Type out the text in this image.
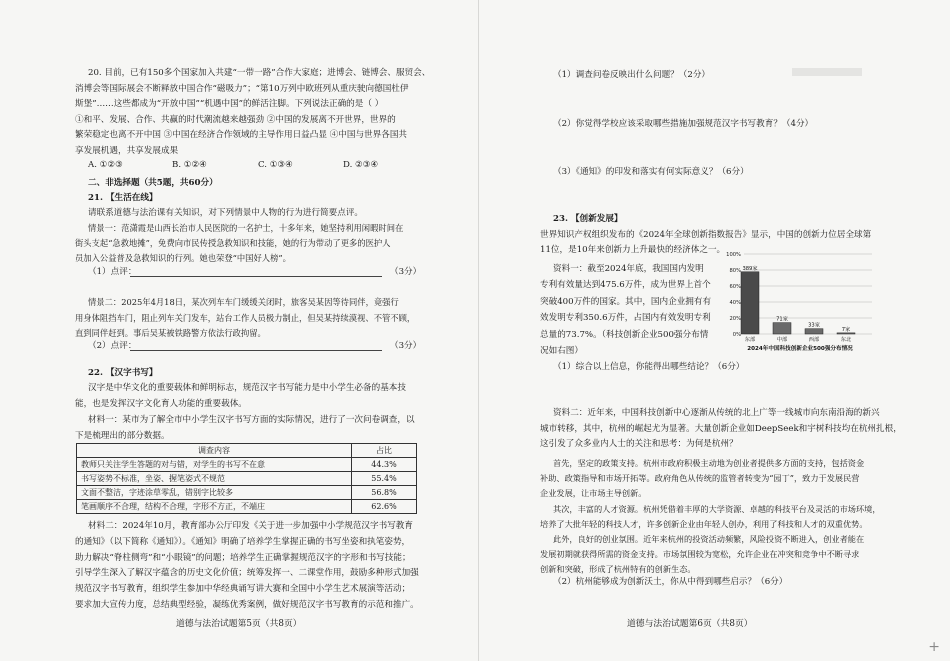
20. 目前，已有150多个国家加入共建“一带一路”合作大家庭；进博会、链博会、服贸会、
消博会等国际展会不断释放中国合作“磁吸力”；“第10万列中欧班列从重庆驶向德国杜伊
斯堡”……这些都成为“开放中国”“机遇中国”的鲜活注脚。下列说法正确的是（ ）
①和平、发展、合作、共赢的时代潮流越来越强劲 ②中国的发展离不开世界，世界的
繁荣稳定也离不开中国 ③中国在经济合作领域的主导作用日益凸显 ④中国与世界各国共
享发展机遇，共享发展成果
A. ①②③	B. ①②④	C. ①③④	D. ②③④
二、非选择题（共5题，共60分）
21. 【生活在线】
请联系道德与法治课有关知识，对下列情景中人物的行为进行简要点评。
情景一：范潇霞是山西长治市人民医院的一名护士，十多年来，她坚持利用闲暇时间在
街头支起“急救地摊”，免费向市民传授急救知识和技能，她的行为带动了更多的医护人
员加入公益普及急救知识的行列。她也荣登“中国好人榜”。
（1）点评：	（3分）
情景二：2025年4月18日，某次列车车门缓缓关闭时，旅客吴某因等待同伴，竟强行
用身体阻挡车门，阻止列车关门发车，站台工作人员极力制止，但吴某持续漠视、不管不顾，
直到同伴赶到。事后吴某被铁路警方依法行政拘留。
（2）点评：	（3分）
22. 【汉字书写】
汉字是中华文化的重要载体和鲜明标志，规范汉字书写能力是中小学生必备的基本技
能，也是发挥汉字文化育人功能的重要载体。
材料一：某市为了解全市中小学生汉字书写方面的实际情况，进行了一次问卷调查，以
下是梳理出的部分数据。
调查内容	占比
教师只关注学生答题的对与错，对学生的书写不在意	44.3%
书写姿势不标准，坐姿、握笔姿式不规范	55.4%
文面不整洁，字迹涂草零乱，错别字比较多	56.8%
笔画顺序不合理，结构不合理，字形不方正，不端庄	62.6%
材料二：2024年10月，教育部办公厅印发《关于进一步加强中小学规范汉字书写教育
的通知》（以下简称《通知》）。《通知》明确了培养学生掌握正确的书写坐姿和执笔姿势，
助力解决“脊柱侧弯”和“小眼镜”的问题；培养学生正确掌握规范汉字的字形和书写技能；
引导学生深入了解汉字蕴含的历史文化价值；统筹发挥一、二课堂作用，鼓励多种形式加强
规范汉字书写教育，组织学生参加中华经典诵写讲大赛和全国中小学生艺术展演等活动；
要求加大宣传力度，总结典型经验，凝练优秀案例，做好规范汉字书写教育的示范和推广。
道德与法治试题第5页（共8页）
（1）调查问卷反映出什么问题？（2分）
（2）你觉得学校应该采取哪些措施加强规范汉字书写教育？（4分）
（3）《通知》的印发和落实有何实际意义？（6分）
23. 【创新发展】
世界知识产权组织发布的《2024年全球创新指数报告》显示，中国的创新力位居全球第
11位，是10年来创新力上升最快的经济体之一。
资料一：截至2024年底，我国国内发明
专利有效量达到475.6万件，成为世界上首个
突破400万件的国家。其中，国内企业拥有有
效发明专利350.6万件，占国内有效发明专利
总量的73.7%。（科技创新企业500强分布情
况如右图）
（1）综合以上信息，你能得出哪些结论？（6分）
资料二：近年来，中国科技创新中心逐渐从传统的北上广等一线城市向东南沿海的新兴
城市转移，其中，杭州的崛起尤为显著。大量创新企业如DeepSeek和宇树科技均在杭州扎根，
这引发了众多业内人士的关注和思考：为何是杭州？
首先，坚定的政策支持。杭州市政府积极主动地为创业者提供多方面的支持，包括资金
补助、政策指导和市场开拓等。政府角色从传统的监管者转变为“园丁”，致力于发展民营
企业发展，让市场主导创新。
其次，丰富的人才资源。杭州凭借着丰厚的大学资源、卓越的科技平台及灵活的市场环境，
培养了大批年轻的科技人才，许多创新企业由年轻人创办，利用了科技和人才的双重优势。
此外，良好的创业氛围。近年来杭州的投资活动频繁，风险投资不断进入，创业者能在
发展初期就获得所需的资金支持。市场氛围较为宽松，允许企业在冲突和竞争中不断寻求
创新和突破，形成了杭州特有的创新生态。
（2）杭州能够成为创新沃土，你从中得到哪些启示？（6分）
道德与法治试题第6页（共8页）
100%
80%
60%
40%
20%
0%
389家
东部
71家
中部
33家
西部
7家
东北
2024年中国科技创新企业500强分布情况
+
